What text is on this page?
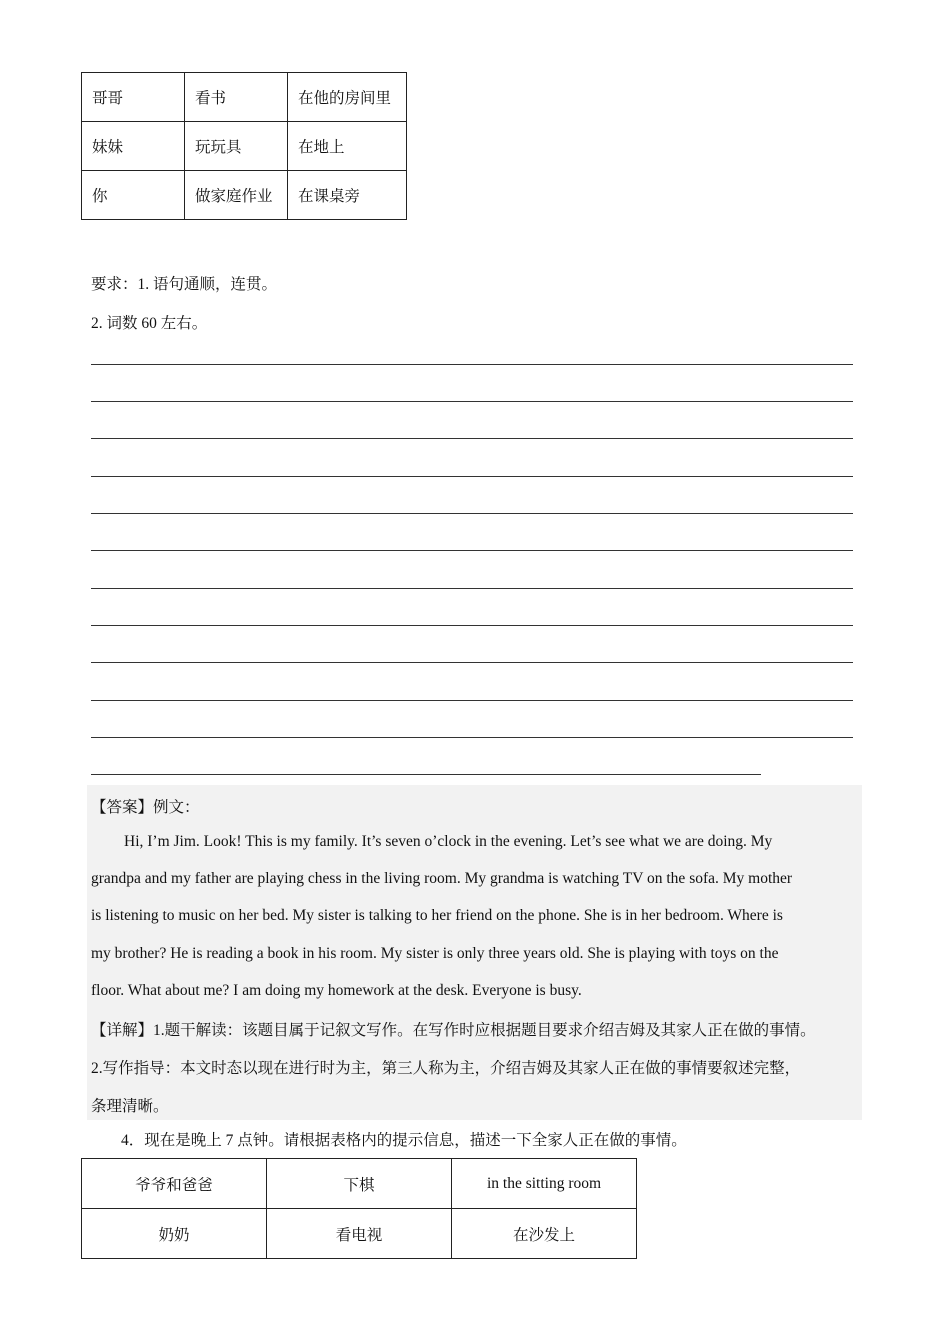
哥哥	看书	在他的房间里
妹妹	玩玩具	在地上
你	做家庭作业	在课桌旁
要求：1. 语句通顺，连贯。
2. 词数 60 左右。
【答案】例文：
Hi, I’m Jim. Look! This is my family. It’s seven o’clock in the evening. Let’s see what we are doing. My
grandpa and my father are playing chess in the living room. My grandma is watching TV on the sofa. My mother
is listening to music on her bed. My sister is talking to her friend on the phone. She is in her bedroom. Where is
my brother? He is reading a book in his room. My sister is only three years old. She is playing with toys on the
floor. What about me? I am doing my homework at the desk. Everyone is busy.
【详解】1.题干解读：该题目属于记叙文写作。在写作时应根据题目要求介绍吉姆及其家人正在做的事情。
2.写作指导：本文时态以现在进行时为主，第三人称为主，介绍吉姆及其家人正在做的事情要叙述完整，
条理清晰。
4．现在是晚上 7 点钟。请根据表格内的提示信息，描述一下全家人正在做的事情。
爷爷和爸爸	下棋	in the sitting room
奶奶	看电视	在沙发上
